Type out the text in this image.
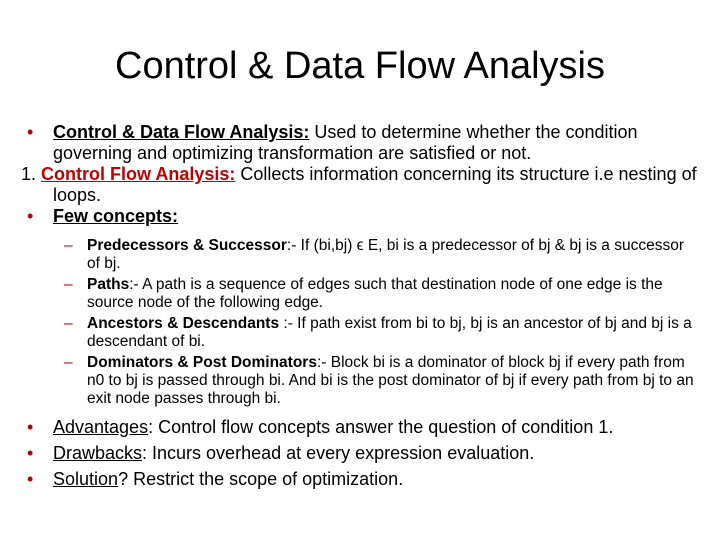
Control & Data Flow Analysis
• Control & Data Flow Analysis: Used to determine whether the condition governing and optimizing transformation are satisfied or not.
1. Control Flow Analysis: Collects information concerning its structure i.e nesting of loops.
• Few concepts:
– Predecessors & Successor:- If (bi,bj) ϵ E, bi is a predecessor of bj & bj is a successor of bj.
– Paths:- A path is a sequence of edges such that destination node of one edge is the source node of the following edge.
– Ancestors & Descendants :- If path exist from bi to bj, bj is an ancestor of bj and bj is a descendant of bi.
– Dominators & Post Dominators:- Block bi is a dominator of block bj if every path from n0 to bj is passed through bi. And bi is the post dominator of bj if every path from bj to an exit node passes through bi.
• Advantages: Control flow concepts answer the question of condition 1.
• Drawbacks: Incurs overhead at every expression evaluation.
• Solution? Restrict the scope of optimization.
